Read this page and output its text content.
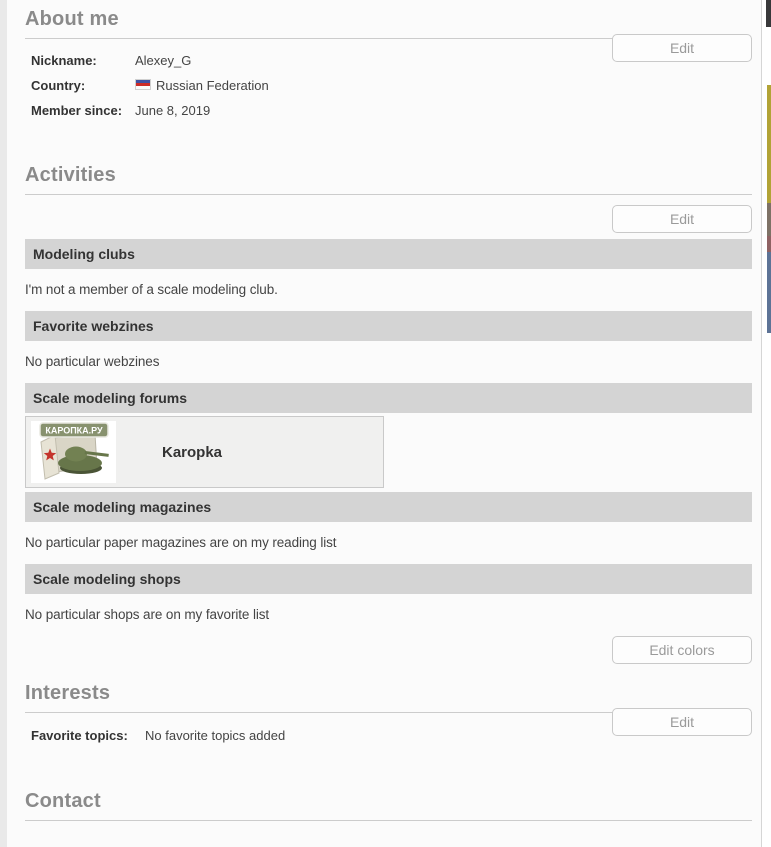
About me
Edit
Nickname:	Alexey_G
Country:	Russian Federation
Member since: June 8, 2019
Activities
Edit
Modeling clubs
I'm not a member of a scale modeling club.
Favorite webzines
No particular webzines
Scale modeling forums
КАРОПКА.РУ
Karopka
Scale modeling magazines
No particular paper magazines are on my reading list
Scale modeling shops
No particular shops are on my favorite list
Edit colors
Interests
Edit
Favorite topics:	No favorite topics added
Contact
